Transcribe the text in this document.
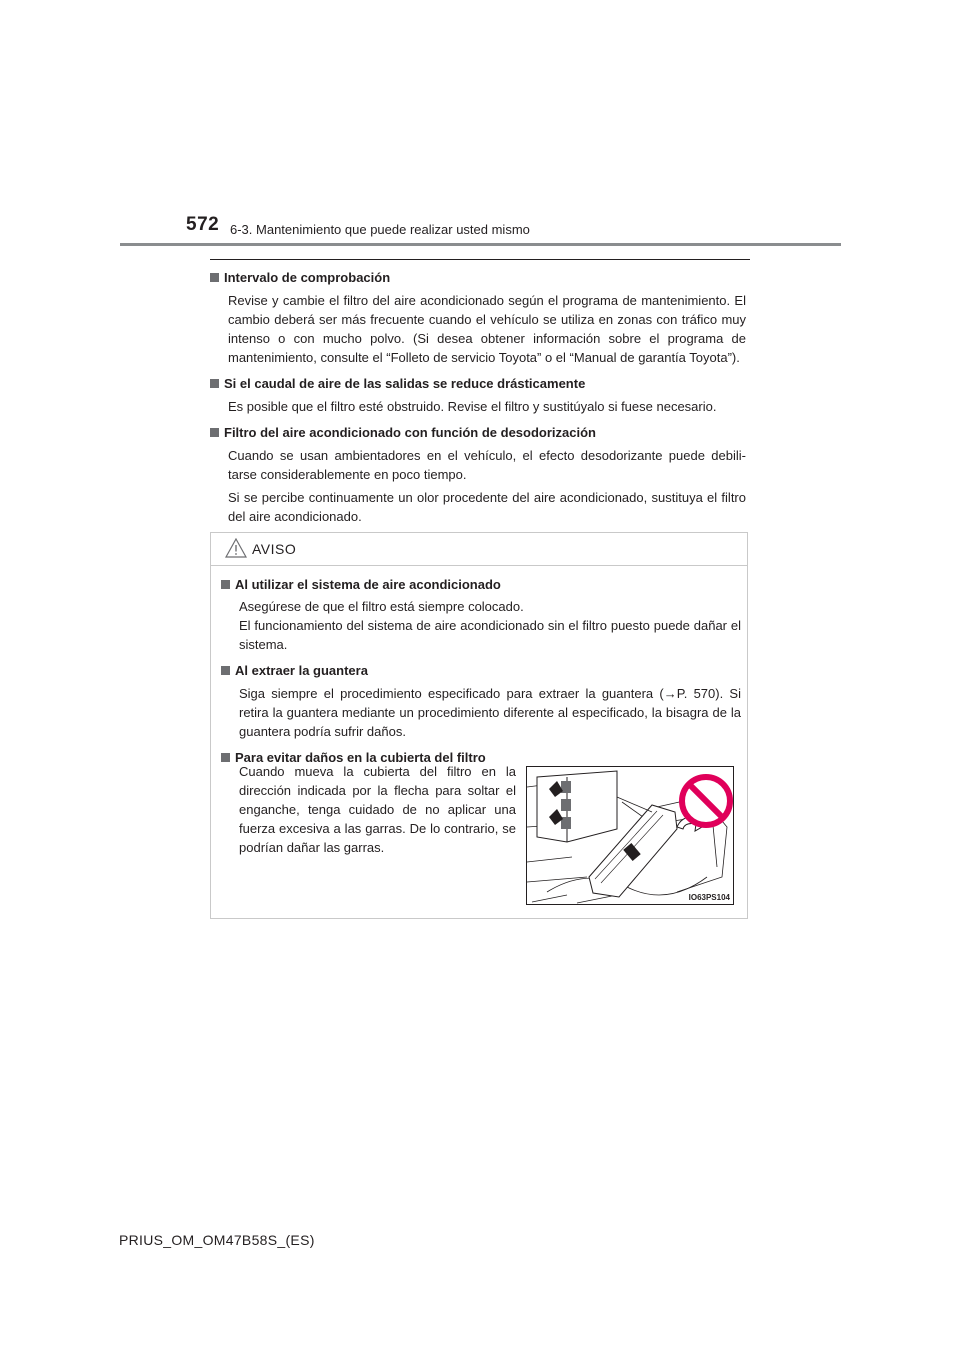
572 6-3. Mantenimiento que puede realizar usted mismo

Intervalo de comprobación

Revise y cambie el filtro del aire acondicionado según el programa de mantenimiento. El cambio deberá ser más frecuente cuando el vehículo se utiliza en zonas con tráfico muy intenso o con mucho polvo. (Si desea obtener información sobre el programa de mantenimiento, consulte el “Folleto de servicio Toyota” o el “Manual de garantía Toyota”).

Si el caudal de aire de las salidas se reduce drásticamente

Es posible que el filtro esté obstruido. Revise el filtro y sustitúyalo si fuese necesario.

Filtro del aire acondicionado con función de desodorización

Cuando se usan ambientadores en el vehículo, el efecto desodorizante puede debili- tarse considerablemente en poco tiempo.

Si se percibe continuamente un olor procedente del aire acondicionado, sustituya el filtro del aire acondicionado.

AVISO

Al utilizar el sistema de aire acondicionado

Asegúrese de que el filtro está siempre colocado.

El funcionamiento del sistema de aire acondicionado sin el filtro puesto puede dañar el sistema.

Al extraer la guantera

Siga siempre el procedimiento especificado para extraer la guantera (→P. 570). Si retira la guantera mediante un procedimiento diferente al especificado, la bisagra de la guantera podría sufrir daños.

Para evitar daños en la cubierta del filtro

Cuando mueva la cubierta del filtro en la dirección indicada por la flecha para soltar el enganche, tenga cuidado de no aplicar una fuerza excesiva a las garras. De lo contrario, se podrían dañar las garras.

IO63PS104
PRIUS_OM_OM47B58S_(ES)
